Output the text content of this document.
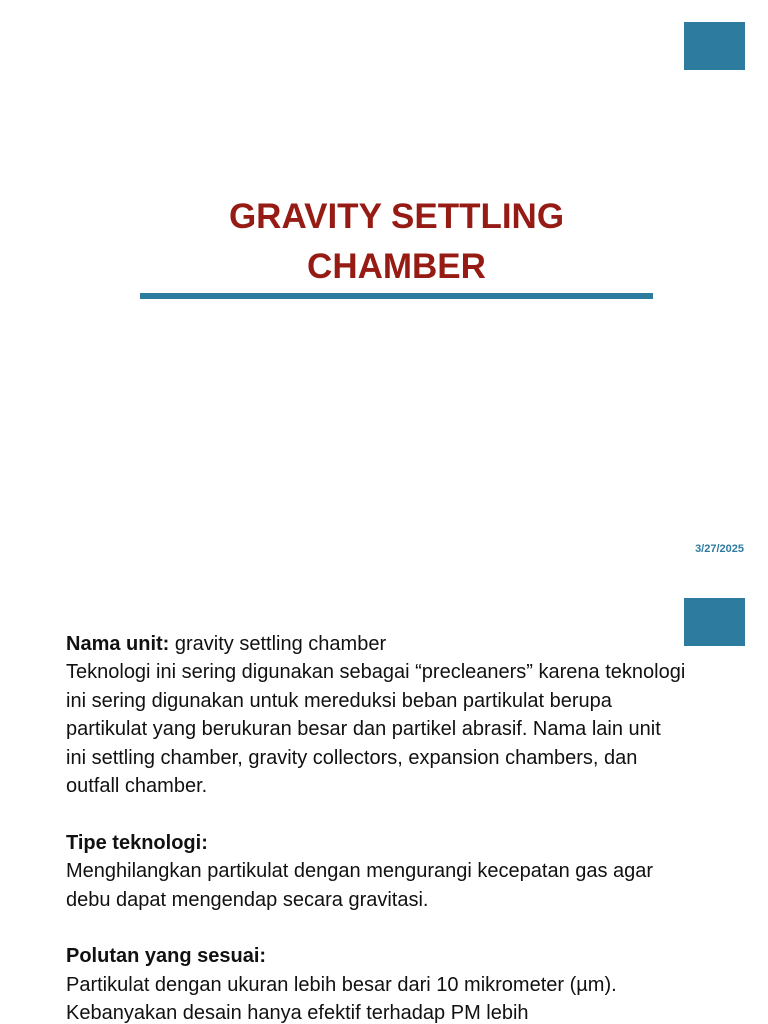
GRAVITY SETTLING
CHAMBER
3/27/2025

Nama unit: gravity settling chamber

Teknologi ini sering digunakan sebagai “precleaners” karena teknologi ini sering digunakan untuk mereduksi beban partikulat berupa partikulat yang berukuran besar dan partikel abrasif. Nama lain unit ini settling chamber, gravity collectors, expansion chambers, dan outfall chamber.

Tipe teknologi:

Menghilangkan partikulat dengan mengurangi kecepatan gas agar debu dapat mengendap secara gravitasi.

Polutan yang sesuai:

Partikulat dengan ukuran lebih besar dari 10 mikrometer (µm). Kebanyakan desain hanya efektif terhadap PM lebih
